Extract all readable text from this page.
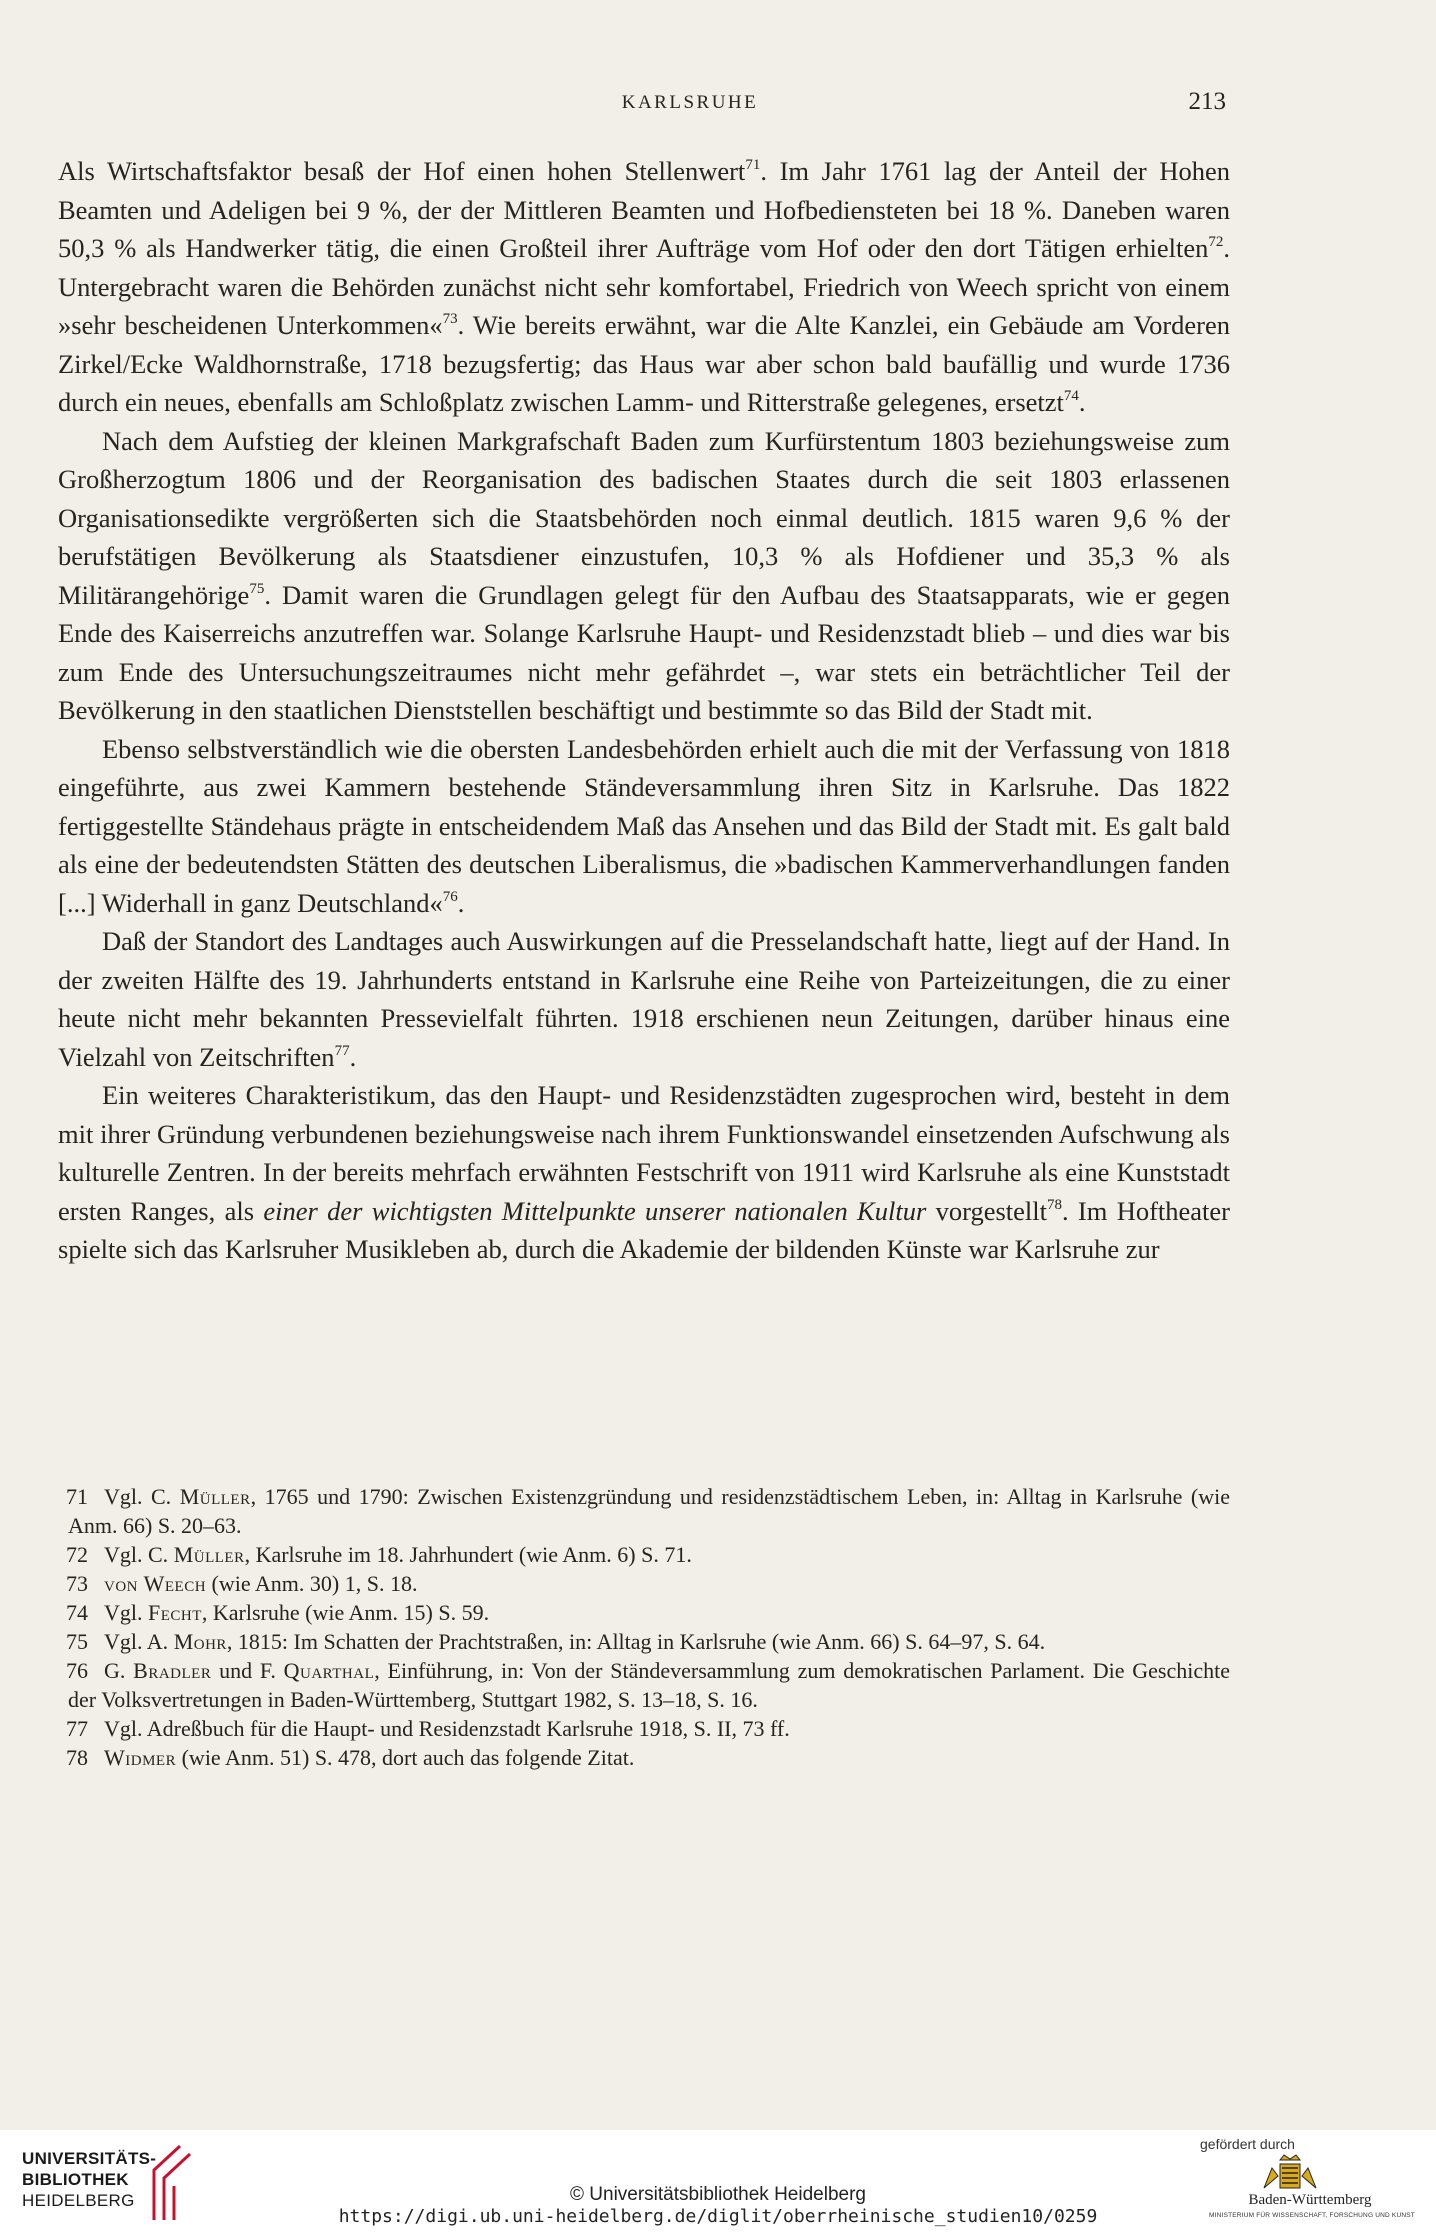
KARLSRUHE	213

Als Wirtschaftsfaktor besaß der Hof einen hohen Stellenwert$^{71}$. Im Jahr 1761 lag der Anteil der Hohen Beamten und Adeligen bei 9 %, der der Mittleren Beamten und Hofbediensteten bei 18 %. Daneben waren 50,3 % als Handwerker tätig, die einen Großteil ihrer Aufträge vom Hof oder den dort Tätigen erhielten$^{72}$. Untergebracht waren die Behörden zunächst nicht sehr komfortabel, Friedrich von Weech spricht von einem »sehr bescheidenen Unterkommen«$^{73}$. Wie bereits erwähnt, war die Alte Kanzlei, ein Gebäude am Vorderen Zirkel/Ecke Waldhornstraße, 1718 bezugsfertig; das Haus war aber schon bald baufällig und wurde 1736 durch ein neues, ebenfalls am Schloßplatz zwischen Lamm- und Ritterstraße gelegenes, ersetzt$^{74}$.

Nach dem Aufstieg der kleinen Markgrafschaft Baden zum Kurfürstentum 1803 beziehungsweise zum Großherzogtum 1806 und der Reorganisation des badischen Staates durch die seit 1803 erlassenen Organisationsedikte vergrößerten sich die Staatsbehörden noch einmal deutlich. 1815 waren 9,6 % der berufstätigen Bevölkerung als Staatsdiener einzustufen, 10,3 % als Hofdiener und 35,3 % als Militärangehörige$^{75}$. Damit waren die Grundlagen gelegt für den Aufbau des Staatsapparats, wie er gegen Ende des Kaiserreichs anzutreffen war. Solange Karlsruhe Haupt- und Residenzstadt blieb – und dies war bis zum Ende des Untersuchungszeitraumes nicht mehr gefährdet –, war stets ein beträchtlicher Teil der Bevölkerung in den staatlichen Dienststellen beschäftigt und bestimmte so das Bild der Stadt mit.

Ebenso selbstverständlich wie die obersten Landesbehörden erhielt auch die mit der Verfassung von 1818 eingeführte, aus zwei Kammern bestehende Ständeversammlung ihren Sitz in Karlsruhe. Das 1822 fertiggestellte Ständehaus prägte in entscheidendem Maß das Ansehen und das Bild der Stadt mit. Es galt bald als eine der bedeutendsten Stätten des deutschen Liberalismus, die »badischen Kammerverhandlungen fanden [...] Widerhall in ganz Deutschland«$^{76}$.

Daß der Standort des Landtages auch Auswirkungen auf die Presselandschaft hatte, liegt auf der Hand. In der zweiten Hälfte des 19. Jahrhunderts entstand in Karlsruhe eine Reihe von Parteizeitungen, die zu einer heute nicht mehr bekannten Pressevielfalt führten. 1918 erschienen neun Zeitungen, darüber hinaus eine Vielzahl von Zeitschriften$^{77}$.

Ein weiteres Charakteristikum, das den Haupt- und Residenzstädten zugesprochen wird, besteht in dem mit ihrer Gründung verbundenen beziehungsweise nach ihrem Funktionswandel einsetzenden Aufschwung als kulturelle Zentren. In der bereits mehrfach erwähnten Festschrift von 1911 wird Karlsruhe als eine Kunststadt ersten Ranges, als einer der wichtigsten Mittelpunkte unserer nationalen Kultur vorgestellt$^{78}$. Im Hoftheater spielte sich das Karlsruher Musikleben ab, durch die Akademie der bildenden Künste war Karlsruhe zur

71 Vgl. C. Müller, 1765 und 1790: Zwischen Existenzgründung und residenzstädtischem Leben, in: Alltag in Karlsruhe (wie Anm. 66) S. 20–63.

72 Vgl. C. Müller, Karlsruhe im 18. Jahrhundert (wie Anm. 6) S. 71.

73 von Weech (wie Anm. 30) 1, S. 18.

74 Vgl. Fecht, Karlsruhe (wie Anm. 15) S. 59.

75 Vgl. A. Mohr, 1815: Im Schatten der Prachtstraßen, in: Alltag in Karlsruhe (wie Anm. 66) S. 64–97, S. 64.

76 G. Bradler und F. Quarthal, Einführung, in: Von der Ständeversammlung zum demokratischen Parlament. Die Geschichte der Volksvertretungen in Baden-Württemberg, Stuttgart 1982, S. 13–18, S. 16.

77 Vgl. Adreßbuch für die Haupt- und Residenzstadt Karlsruhe 1918, S. II, 73 ff.

78 Widmer (wie Anm. 51) S. 478, dort auch das folgende Zitat.

UNIVERSITÄTS-
BIBLIOTHEK
HEIDELBERG	© Universitätsbibliothek Heidelberg
https://digi.ub.uni-heidelberg.de/diglit/oberrheinische_studien10/0259
gefördert durch
Baden-Württemberg
MINISTERIUM FÜR WISSENSCHAFT, FORSCHUNG UND KUNST
